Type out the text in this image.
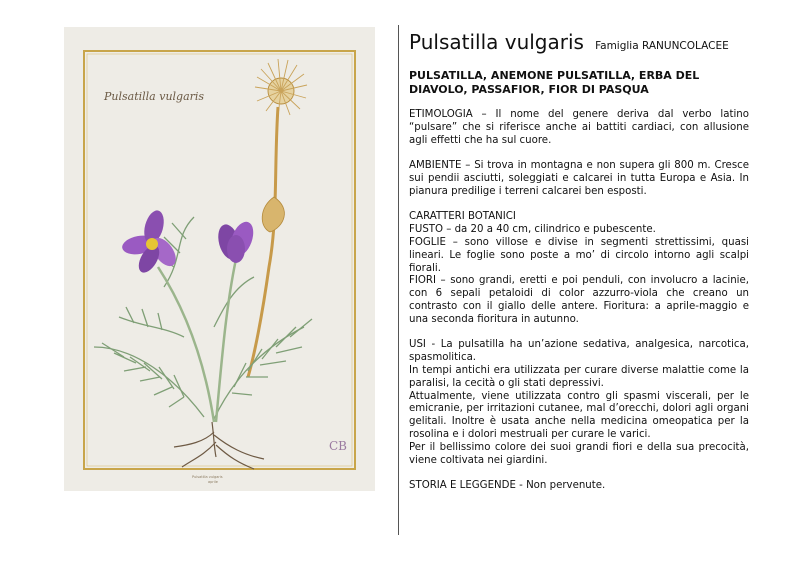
Pulsatilla vulgaris
CB
Pulsatilla vulgaris
aprile
Pulsatilla vulgaris Famiglia RANUNCOLACEE
PULSATILLA, ANEMONE PULSATILLA, ERBA DEL
DIAVOLO, PASSAFIOR, FIOR DI PASQUA
ETIMOLOGIA – Il nome del genere deriva dal verbo latino “pulsare” che si riferisce anche ai battiti cardiaci, con allusione agli effetti che ha sul cuore.
AMBIENTE – Si trova in montagna e non supera gli 800 m. Cresce sui pendii asciutti, soleggiati e calcarei in tutta Europa e Asia. In pianura predilige i terreni calcarei ben esposti.
CARATTERI BOTANICI
FUSTO – da 20 a 40 cm, cilindrico e pubescente.
FOGLIE – sono villose e divise in segmenti strettissimi, quasi lineari. Le foglie sono poste a mo’ di circolo intorno agli scalpi fiorali.
FIORI – sono grandi, eretti e poi penduli, con involucro a lacinie, con 6 sepali petaloidi di color azzurro-viola che creano un contrasto con il giallo delle antere. Fioritura: a aprile-maggio e una seconda fioritura in autunno.
USI - La pulsatilla ha un’azione sedativa, analgesica, narcotica, spasmolitica.
In tempi antichi era utilizzata per curare diverse malattie come la paralisi, la cecità o gli stati depressivi.
Attualmente, viene utilizzata contro gli spasmi viscerali, per le emicranie, per irritazioni cutanee, mal d’orecchi, dolori agli organi gelitali. Inoltre è usata anche nella medicina omeopatica per la rosolina e i dolori mestruali per curare le varici.
Per il bellissimo colore dei suoi grandi fiori e della sua precocità, viene coltivata nei giardini.
STORIA E LEGGENDE - Non pervenute.
